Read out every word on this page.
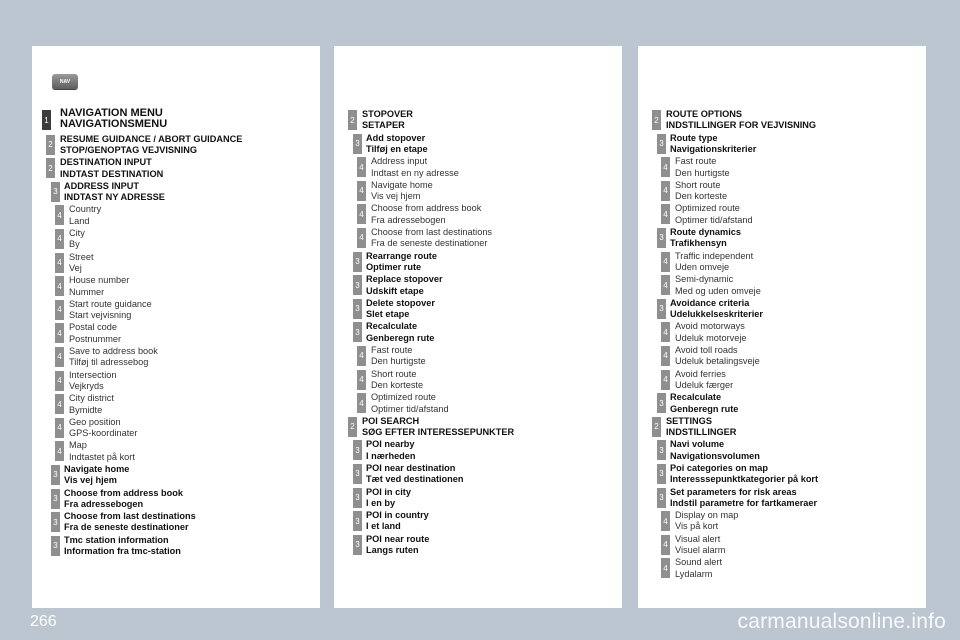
NAV
1
NAVIGATION MENU
NAVIGATIONSMENU
2
RESUME GUIDANCE / ABORT GUIDANCE
STOP/GENOPTAG VEJVISNING
2
DESTINATION INPUT
INDTAST DESTINATION
3
ADDRESS INPUT
INDTAST NY ADRESSE
4
Country
Land
4
City
By
4
Street
Vej
4
House number
Nummer
4
Start route guidance
Start vejvisning
4
Postal code
Postnummer
4
Save to address book
Tilføj til adressebog
4
Intersection
Vejkryds
4
City district
Bymidte
4
Geo position
GPS-koordinater
4
Map
Indtastet på kort
3
Navigate home
Vis vej hjem
3
Choose from address book
Fra adressebogen
3
Choose from last destinations
Fra de seneste destinationer
3
Tmc station information
Information fra tmc-station
2
STOPOVER
SETAPER
3
Add stopover
Tilføj en etape
4
Address input
Indtast en ny adresse
4
Navigate home
Vis vej hjem
4
Choose from address book
Fra adressebogen
4
Choose from last destinations
Fra de seneste destinationer
3
Rearrange route
Optimer rute
3
Replace stopover
Udskift etape
3
Delete stopover
Slet etape
3
Recalculate
Genberegn rute
4
Fast route
Den hurtigste
4
Short route
Den korteste
4
Optimized route
Optimer tid/afstand
2
POI SEARCH
SØG EFTER INTERESSEPUNKTER
3
POI nearby
I nærheden
3
POI near destination
Tæt ved destinationen
3
POI in city
I en by
3
POI in country
I et land
3
POI near route
Langs ruten
2
ROUTE OPTIONS
INDSTILLINGER FOR VEJVISNING
3
Route type
Navigationskriterier
4
Fast route
Den hurtigste
4
Short route
Den korteste
4
Optimized route
Optimer tid/afstand
3
Route dynamics
Trafikhensyn
4
Traffic independent
Uden omveje
4
Semi-dynamic
Med og uden omveje
3
Avoidance criteria
Udelukkelseskriterier
4
Avoid motorways
Udeluk motorveje
4
Avoid toll roads
Udeluk betalingsveje
4
Avoid ferries
Udeluk færger
3
Recalculate
Genberegn rute
2
SETTINGS
INDSTILLINGER
3
Navi volume
Navigationsvolumen
3
Poi categories on map
Interesssepunktkategorier på kort
3
Set parameters for risk areas
Indstil parametre for fartkameraer
4
Display on map
Vis på kort
4
Visual alert
Visuel alarm
4
Sound alert
Lydalarm
266	carmanualsonline.info
